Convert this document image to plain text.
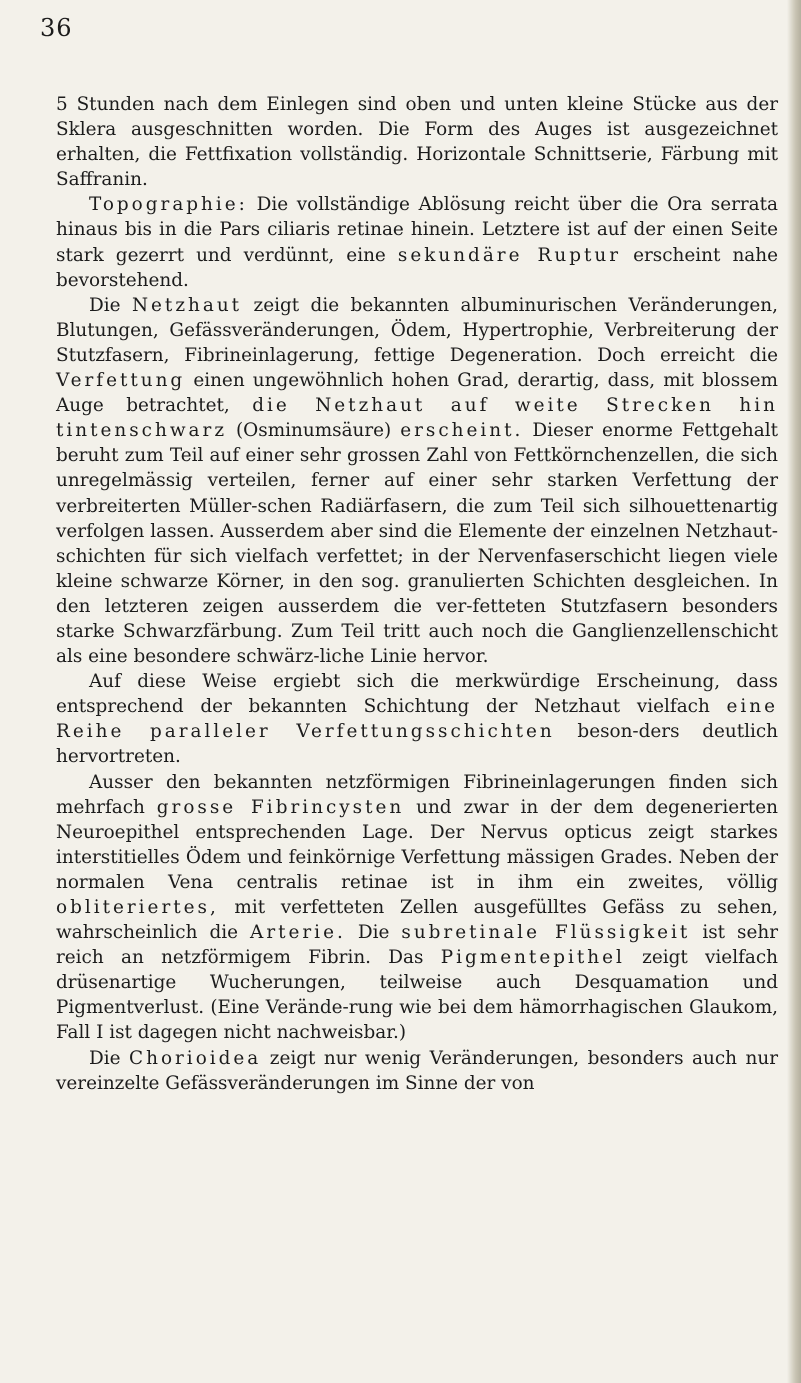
36

5 Stunden nach dem Einlegen sind oben und unten kleine Stücke aus der Sklera ausgeschnitten worden. Die Form des Auges ist ausgezeichnet erhalten, die Fettfixation vollständig. Horizontale Schnittserie, Färbung mit Saffranin.

Topographie: Die vollständige Ablösung reicht über die Ora serrata hinaus bis in die Pars ciliaris retinae hinein. Letztere ist auf der einen Seite stark gezerrt und verdünnt, eine sekundäre Ruptur erscheint nahe bevorstehend.

Die Netzhaut zeigt die bekannten albuminurischen Veränderungen, Blutungen, Gefässveränderungen, Ödem, Hypertrophie, Verbreiterung der Stutzfasern, Fibrineinlagerung, fettige Degeneration. Doch erreicht die Verfettung einen ungewöhnlich hohen Grad, derartig, dass, mit blossem Auge betrachtet, die Netzhaut auf weite Strecken hin tintenschwarz (Osminumsäure) erscheint. Dieser enorme Fettgehalt beruht zum Teil auf einer sehr grossen Zahl von Fettkörnchenzellen, die sich unregelmässig verteilen, ferner auf einer sehr starken Verfettung der verbreiterten Müller-schen Radiärfasern, die zum Teil sich silhouettenartig verfolgen lassen. Ausserdem aber sind die Elemente der einzelnen Netzhaut-schichten für sich vielfach verfettet; in der Nervenfaserschicht liegen viele kleine schwarze Körner, in den sog. granulierten Schichten desgleichen. In den letzteren zeigen ausserdem die ver-fetteten Stutzfasern besonders starke Schwarzfärbung. Zum Teil tritt auch noch die Ganglienzellenschicht als eine besondere schwärz-liche Linie hervor.

Auf diese Weise ergiebt sich die merkwürdige Erscheinung, dass entsprechend der bekannten Schichtung der Netzhaut vielfach eine Reihe paralleler Verfettungsschichten beson-ders deutlich hervortreten.

Ausser den bekannten netzförmigen Fibrineinlagerungen finden sich mehrfach grosse Fibrincysten und zwar in der dem degenerierten Neuroepithel entsprechenden Lage. Der Nervus opticus zeigt starkes interstitielles Ödem und feinkörnige Verfettung mässigen Grades. Neben der normalen Vena centralis retinae ist in ihm ein zweites, völlig obliteriertes, mit verfetteten Zellen ausgefülltes Gefäss zu sehen, wahrscheinlich die Arterie. Die subretinale Flüssigkeit ist sehr reich an netzförmigem Fibrin. Das Pigmentepithel zeigt vielfach drüsenartige Wucherungen, teilweise auch Desquamation und Pigmentverlust. (Eine Verände-rung wie bei dem hämorrhagischen Glaukom, Fall I ist dagegen nicht nachweisbar.)

Die Chorioidea zeigt nur wenig Veränderungen, besonders auch nur vereinzelte Gefässveränderungen im Sinne der von
